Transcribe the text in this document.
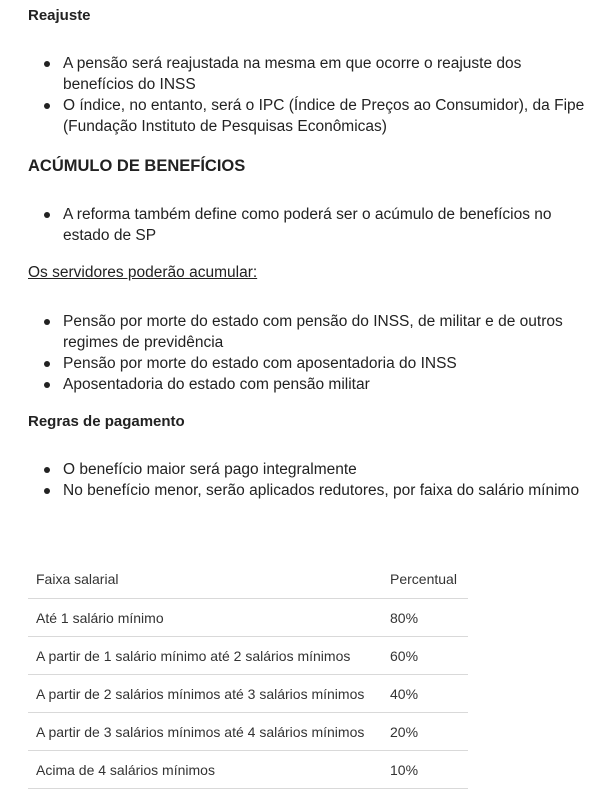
Reajuste
A pensão será reajustada na mesma em que ocorre o reajuste dos benefícios do INSS
O índice, no entanto, será o IPC (Índice de Preços ao Consumidor), da Fipe (Fundação Instituto de Pesquisas Econômicas)
ACÚMULO DE BENEFÍCIOS
A reforma também define como poderá ser o acúmulo de benefícios no estado de SP
Os servidores poderão acumular:
Pensão por morte do estado com pensão do INSS, de militar e de outros regimes de previdência
Pensão por morte do estado com aposentadoria do INSS
Aposentadoria do estado com pensão militar
Regras de pagamento
O benefício maior será pago integralmente
No benefício menor, serão aplicados redutores, por faixa do salário mínimo
Faixa salarial	Percentual
Até 1 salário mínimo	80%
A partir de 1 salário mínimo até 2 salários mínimos	60%
A partir de 2 salários mínimos até 3 salários mínimos	40%
A partir de 3 salários mínimos até 4 salários mínimos	20%
Acima de 4 salários mínimos	10%
